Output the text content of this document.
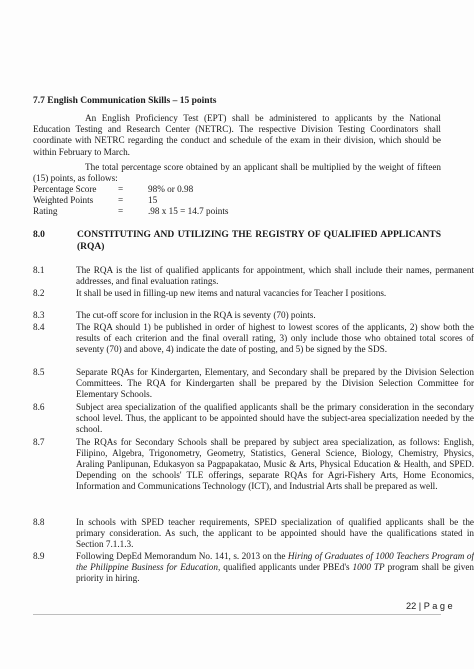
7.7 English Communication Skills – 15 points
An English Proficiency Test (EPT) shall be administered to applicants by the National Education Testing and Research Center (NETRC). The respective Division Testing Coordinators shall coordinate with NETRC regarding the conduct and schedule of the exam in their division, which should be within February to March.
The total percentage score obtained by an applicant shall be multiplied by the weight of fifteen (15) points, as follows:
Percentage Score =	98% or 0.98
Weighted Points	=	15
Rating	=	.98 x 15 = 14.7 points
8.0	CONSTITUTING AND UTILIZING THE REGISTRY OF QUALIFIED APPLICANTS (RQA)
8.1	The RQA is the list of qualified applicants for appointment, which shall include their names, permanent addresses, and final evaluation ratings.
8.2	It shall be used in filling-up new items and natural vacancies for Teacher I positions.
8.3	The cut-off score for inclusion in the RQA is seventy (70) points.
8.4	The RQA should 1) be published in order of highest to lowest scores of the applicants, 2) show both the results of each criterion and the final overall rating, 3) only include those who obtained total scores of seventy (70) and above, 4) indicate the date of posting, and 5) be signed by the SDS.
8.5	Separate RQAs for Kindergarten, Elementary, and Secondary shall be prepared by the Division Selection Committees. The RQA for Kindergarten shall be prepared by the Division Selection Committee for Elementary Schools.
8.6	Subject area specialization of the qualified applicants shall be the primary consideration in the secondary school level. Thus, the applicant to be appointed should have the subject-area specialization needed by the school.
8.7	The RQAs for Secondary Schools shall be prepared by subject area specialization, as follows: English, Filipino, Algebra, Trigonometry, Geometry, Statistics, General Science, Biology, Chemistry, Physics, Araling Panlipunan, Edukasyon sa Pagpapakatao, Music & Arts, Physical Education & Health, and SPED. Depending on the schools' TLE offerings, separate RQAs for Agri-Fishery Arts, Home Economics, Information and Communications Technology (ICT), and Industrial Arts shall be prepared as well.
8.8	In schools with SPED teacher requirements, SPED specialization of qualified applicants shall be the primary consideration. As such, the applicant to be appointed should have the qualifications stated in Section 7.1.1.3.
8.9	Following DepEd Memorandum No. 141, s. 2013 on the Hiring of Graduates of 1000 Teachers Program of the Philippine Business for Education, qualified applicants under PBEd's 1000 TP program shall be given priority in hiring.
22 | P a g e
